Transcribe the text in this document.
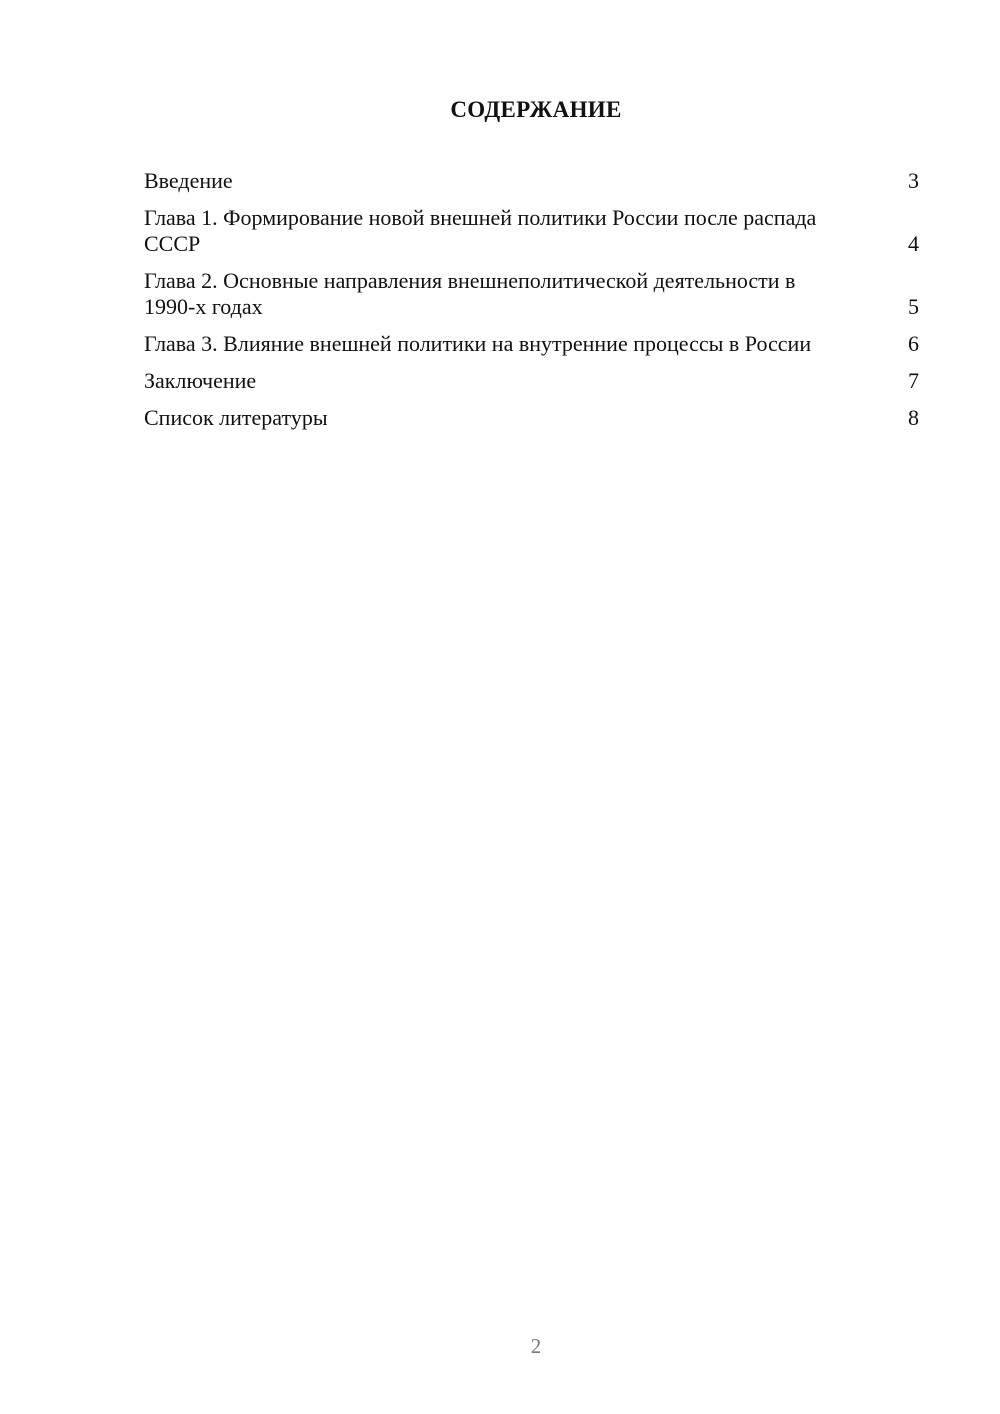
СОДЕРЖАНИЕ
Введение	3
Глава 1. Формирование новой внешней политики России после распада СССР	4
Глава 2. Основные направления внешнеполитической деятельности в 1990-х годах	5
Глава 3. Влияние внешней политики на внутренние процессы в России	6
Заключение	7
Список литературы	8
2
